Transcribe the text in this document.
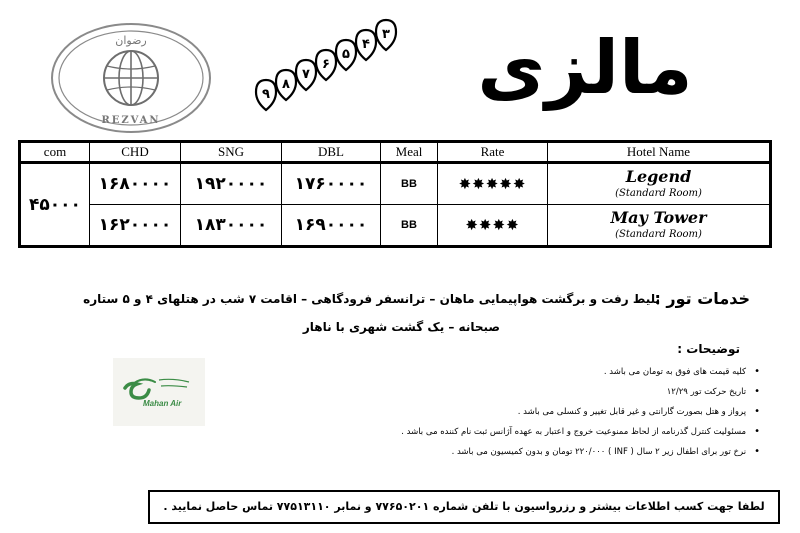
رضوان
REZVAN
۹
۸
۷
۶
۵
۴
۳	مالزی
com	CHD	SNG	DBL	Meal	Rate	Hotel Name
۴۵۰۰۰	۱۶۸۰۰۰۰	۱۹۲۰۰۰۰	۱۷۶۰۰۰۰	BB	✸✸✸✸✸	Legend
(Standard Room)

	۱۶۲۰۰۰۰	۱۸۳۰۰۰۰	۱۶۹۰۰۰۰	BB	✸✸✸✸	May Tower
(Standard Room)
خدمات تور :
بلیط رفت و برگشت هواپیمایی ماهان – ترانسفر فرودگاهی – اقامت ۷ شب در هتلهای ۴ و ۵ ستاره
صبحانه – یک گشت شهری با ناهار
توضیحات :
• کلیه قیمت های فوق به تومان می باشد .
• تاریخ حرکت تور ۱۲/۲۹
• پرواز و هتل بصورت گارانتی و غیر قابل تغییر و کنسلی می باشد .
• مسئولیت کنترل گذرنامه از لحاظ ممنوعیت خروج و اعتبار به عهده آژانس ثبت نام کننده می باشد .
• نرخ تور برای اطفال زیر ۲ سال ( INF ) ۲۲۰/۰۰۰ تومان و بدون کمیسیون می باشد .
Mahan Air
لطفا جهت کسب اطلاعات بیشتر و رزرواسیون با تلفن شماره ۷۷۶۵۰۲۰۱ و نمابر ۷۷۵۱۳۱۱۰ تماس حاصل نمایید .
